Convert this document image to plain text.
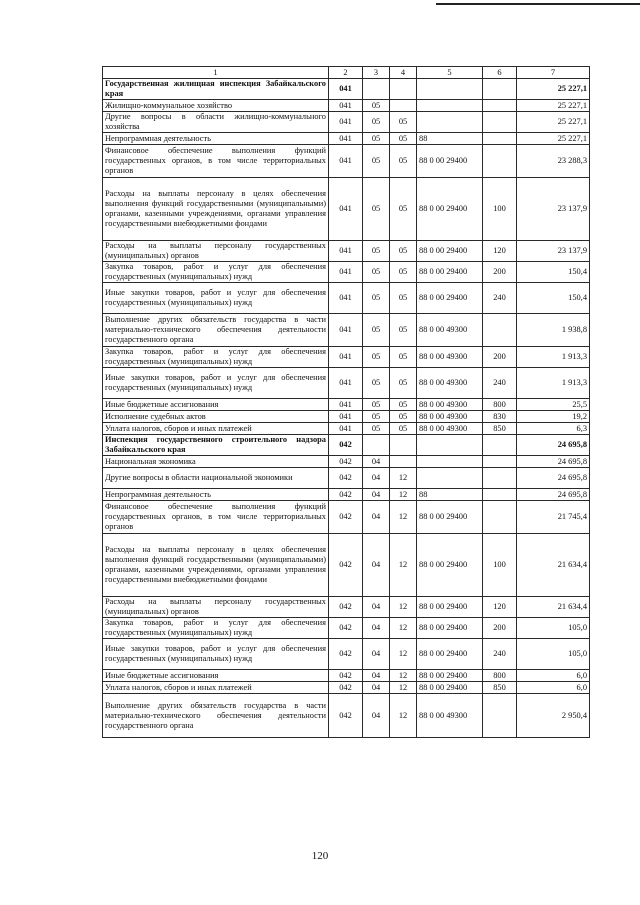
1	2	3	4	5	6	7
Государственная жилищная инспекция Забайкальского края	041					25 227,1
Жилищно-коммунальное хозяйство	041	05				25 227,1
Другие вопросы в области жилищно-коммунального хозяйства	041	05	05			25 227,1
Непрограммная деятельность	041	05	05	88		25 227,1
Финансовое обеспечение выполнения функций государственных органов, в том числе территориальных органов	041	05	05	88 0 00 29400		23 288,3
Расходы на выплаты персоналу в целях обеспечения выполнения функций государственными (муниципальными) органами, казенными учреждениями, органами управления государственными внебюджетными фондами	041	05	05	88 0 00 29400	100	23 137,9
Расходы на выплаты персоналу государственных (муниципальных) органов	041	05	05	88 0 00 29400	120	23 137,9
Закупка товаров, работ и услуг для обеспечения государственных (муниципальных) нужд	041	05	05	88 0 00 29400	200	150,4
Иные закупки товаров, работ и услуг для обеспечения государственных (муниципальных) нужд	041	05	05	88 0 00 29400	240	150,4
Выполнение других обязательств государства в части материально-технического обеспечения деятельности государственного органа	041	05	05	88 0 00 49300		1 938,8
Закупка товаров, работ и услуг для обеспечения государственных (муниципальных) нужд	041	05	05	88 0 00 49300	200	1 913,3
Иные закупки товаров, работ и услуг для обеспечения государственных (муниципальных) нужд	041	05	05	88 0 00 49300	240	1 913,3
Иные бюджетные ассигнования	041	05	05	88 0 00 49300	800	25,5
Исполнение судебных актов	041	05	05	88 0 00 49300	830	19,2
Уплата налогов, сборов и иных платежей	041	05	05	88 0 00 49300	850	6,3
Инспекция государственного строительного надзора Забайкальского края	042					24 695,8
Национальная экономика	042	04				24 695,8
Другие вопросы в области национальной экономики	042	04	12			24 695,8
Непрограммная деятельность	042	04	12	88		24 695,8
Финансовое обеспечение выполнения функций государственных органов, в том числе территориальных органов	042	04	12	88 0 00 29400		21 745,4
Расходы на выплаты персоналу в целях обеспечения выполнения функций государственными (муниципальными) органами, казенными учреждениями, органами управления государственными внебюджетными фондами	042	04	12	88 0 00 29400	100	21 634,4
Расходы на выплаты персоналу государственных (муниципальных) органов	042	04	12	88 0 00 29400	120	21 634,4
Закупка товаров, работ и услуг для обеспечения государственных (муниципальных) нужд	042	04	12	88 0 00 29400	200	105,0
Иные закупки товаров, работ и услуг для обеспечения государственных (муниципальных) нужд	042	04	12	88 0 00 29400	240	105,0
Иные бюджетные ассигнования	042	04	12	88 0 00 29400	800	6,0
Уплата налогов, сборов и иных платежей	042	04	12	88 0 00 29400	850	6,0
Выполнение других обязательств государства в части материально-технического обеспечения деятельности государственного органа	042	04	12	88 0 00 49300		2 950,4
120
